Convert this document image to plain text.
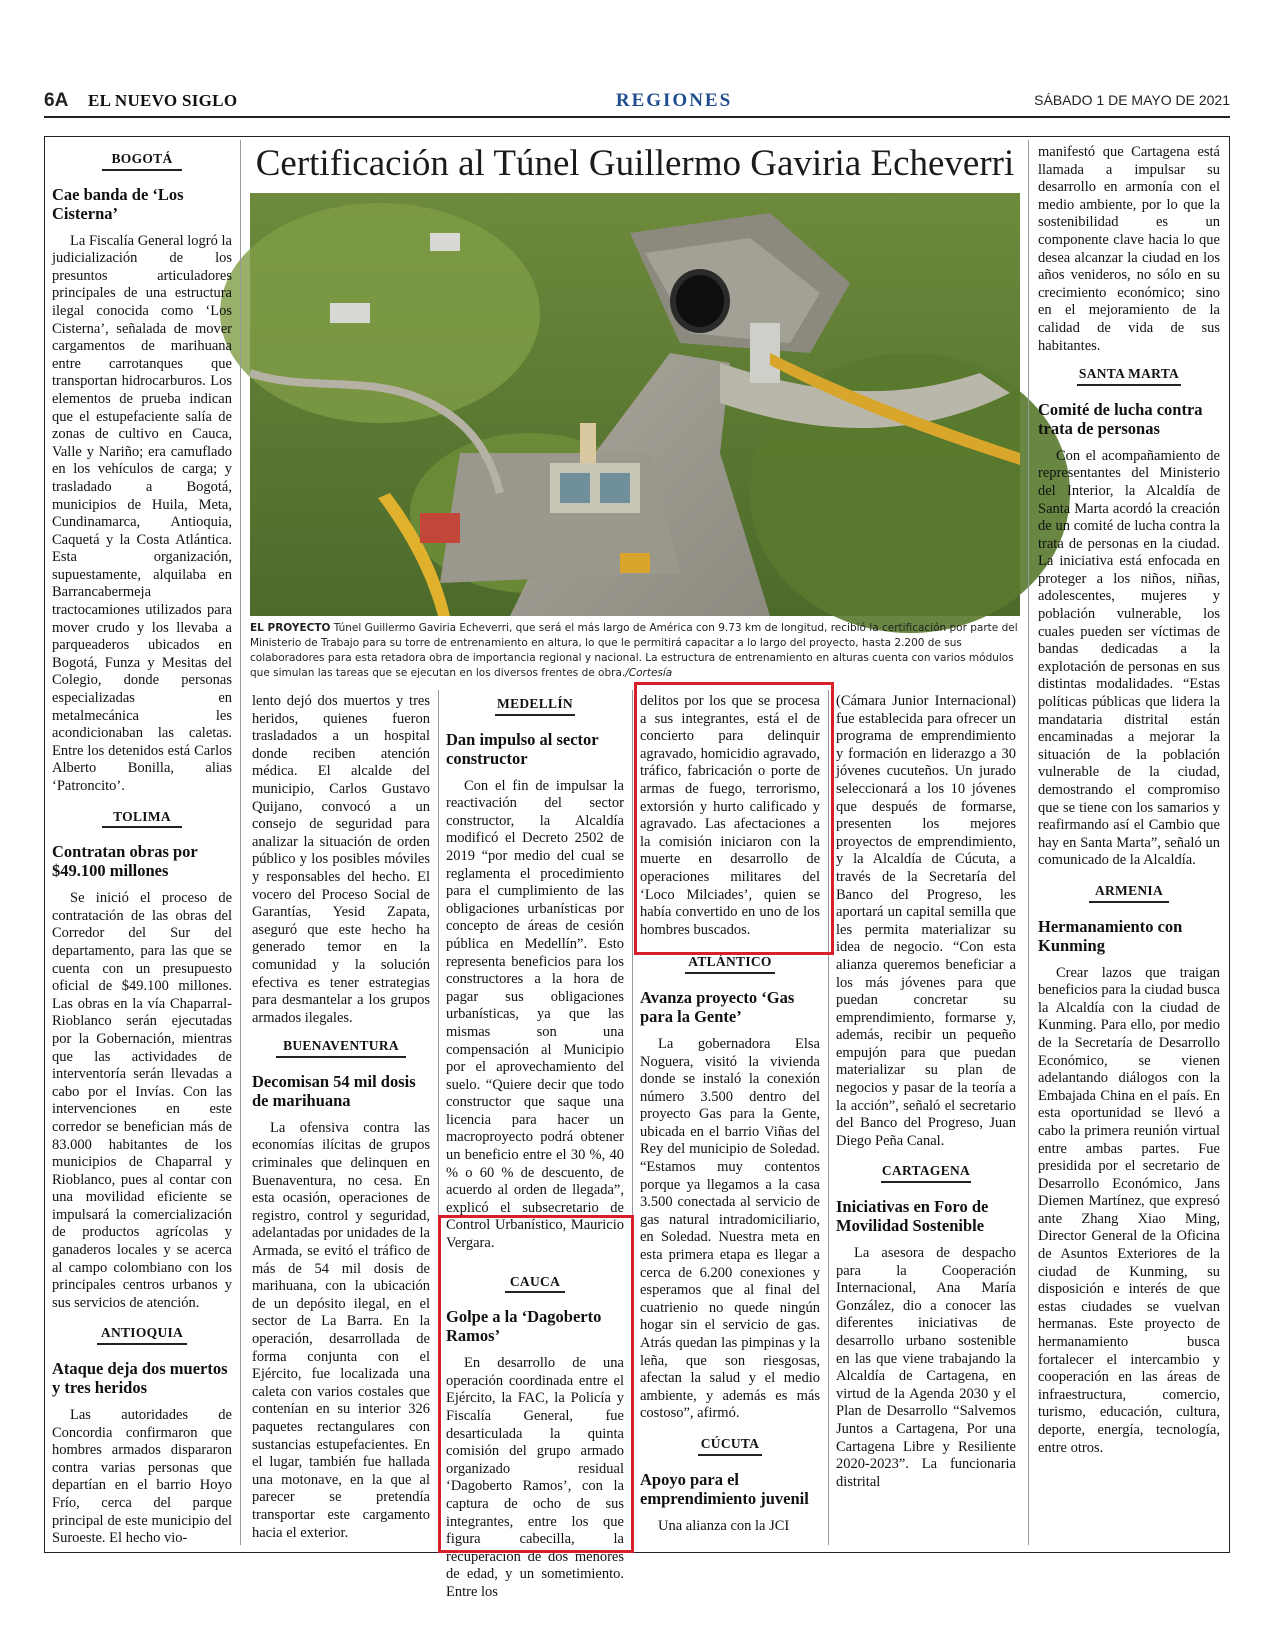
6A EL NUEVO SIGLO	REGIONES	SÁBADO 1 DE MAYO DE 2021
Certificación al Túnel Guillermo Gaviria Echeverri
EL PROYECTO Túnel Guillermo Gaviria Echeverri, que será el más largo de América con 9.73 km de longitud, recibió la certificación por parte del Ministerio de Trabajo para su torre de entrenamiento en altura, lo que le permitirá capacitar a lo largo del proyecto, hasta 2.200 de sus colaboradores para esta retadora obra de importancia regional y nacional. La estructura de entrenamiento en alturas cuenta con varios módulos que simulan las tareas que se ejecutan en los diversos frentes de obra./Cortesía
BOGOTÁ
Cae banda de ‘Los Cisterna’

La Fiscalía General logró la judicialización de los presuntos articuladores principales de una estructura ilegal conocida como ‘Los Cisterna’, señalada de mover cargamentos de marihuana entre carrotanques que transportan hidrocarburos. Los elementos de prueba indican que el estupefaciente salía de zonas de cultivo en Cauca, Valle y Nariño; era camuflado en los vehículos de carga; y trasladado a Bogotá, municipios de Huila, Meta, Cundinamarca, Antioquia, Caquetá y la Costa Atlántica. Esta organización, supuestamente, alquilaba en Barrancabermeja tractocamiones utilizados para mover crudo y los llevaba a parqueaderos ubicados en Bogotá, Funza y Mesitas del Colegio, donde personas especializadas en metalmecánica les acondicionaban las caletas. Entre los detenidos está Carlos Alberto Bonilla, alias ‘Patroncito’.

TOLIMA
Contratan obras por $49.100 millones

Se inició el proceso de contratación de las obras del Corredor del Sur del departamento, para las que se cuenta con un presupuesto oficial de $49.100 millones. Las obras en la vía Chaparral-Rioblanco serán ejecutadas por la Gobernación, mientras que las actividades de interventoría serán llevadas a cabo por el Invías. Con las intervenciones en este corredor se benefician más de 83.000 habitantes de los municipios de Chaparral y Rioblanco, pues al contar con una movilidad eficiente se impulsará la comercialización de productos agrícolas y ganaderos locales y se acerca al campo colombiano con los principales centros urbanos y sus servicios de atención.

ANTIOQUIA
Ataque deja dos muertos y tres heridos

Las autoridades de Concordia confirmaron que hombres armados dispararon contra varias personas que departían en el barrio Hoyo Frío, cerca del parque principal de este municipio del Suroeste. El hecho vio-

lento dejó dos muertos y tres heridos, quienes fueron trasladados a un hospital donde reciben atención médica. El alcalde del municipio, Carlos Gustavo Quijano, convocó a un consejo de seguridad para analizar la situación de orden público y los posibles móviles y responsables del hecho. El vocero del Proceso Social de Garantías, Yesid Zapata, aseguró que este hecho ha generado temor en la comunidad y la solución efectiva es tener estrategias para desmantelar a los grupos armados ilegales.

BUENAVENTURA
Decomisan 54 mil dosis de marihuana

La ofensiva contra las economías ilícitas de grupos criminales que delinquen en Buenaventura, no cesa. En esta ocasión, operaciones de registro, control y seguridad, adelantadas por unidades de la Armada, se evitó el tráfico de más de 54 mil dosis de marihuana, con la ubicación de un depósito ilegal, en el sector de La Barra. En la operación, desarrollada de forma conjunta con el Ejército, fue localizada una caleta con varios costales que contenían en su interior 326 paquetes rectangulares con sustancias estupefacientes. En el lugar, también fue hallada una motonave, en la que al parecer se pretendía transportar este cargamento hacia el exterior.

MEDELLÍN
Dan impulso al sector constructor

Con el fin de impulsar la reactivación del sector constructor, la Alcaldía modificó el Decreto 2502 de 2019 “por medio del cual se reglamenta el procedimiento para el cumplimiento de las obligaciones urbanísticas por concepto de áreas de cesión pública en Medellín”. Esto representa beneficios para los constructores a la hora de pagar sus obligaciones urbanísticas, ya que las mismas son una compensación al Municipio por el aprovechamiento del suelo. “Quiere decir que todo constructor que saque una licencia para hacer un macroproyecto podrá obtener un beneficio entre el 30 %, 40 % o 60 % de descuento, de acuerdo al orden de llegada”, explicó el subsecretario de Control Urbanístico, Mauricio Vergara.

CAUCA
Golpe a la ‘Dagoberto Ramos’

En desarrollo de una operación coordinada entre el Ejército, la FAC, la Policía y Fiscalía General, fue desarticulada la quinta comisión del grupo armado organizado residual ‘Dagoberto Ramos’, con la captura de ocho de sus integrantes, entre los que figura cabecilla, la recuperación de dos menores de edad, y un sometimiento. Entre los

delitos por los que se procesa a sus integrantes, está el de concierto para delinquir agravado, homicidio agravado, tráfico, fabricación o porte de armas de fuego, terrorismo, extorsión y hurto calificado y agravado. Las afectaciones a la comisión iniciaron con la muerte en desarrollo de operaciones militares del ‘Loco Milciades’, quien se había convertido en uno de los hombres buscados.

ATLÁNTICO
Avanza proyecto ‘Gas para la Gente’

La gobernadora Elsa Noguera, visitó la vivienda donde se instaló la conexión número 3.500 dentro del proyecto Gas para la Gente, ubicada en el barrio Viñas del Rey del municipio de Soledad. “Estamos muy contentos porque ya llegamos a la casa 3.500 conectada al servicio de gas natural intradomiciliario, en Soledad. Nuestra meta en esta primera etapa es llegar a cerca de 6.200 conexiones y esperamos que al final del cuatrienio no quede ningún hogar sin el servicio de gas. Atrás quedan las pimpinas y la leña, que son riesgosas, afectan la salud y el medio ambiente, y además es más costoso”, afirmó.

CÚCUTA
Apoyo para el emprendimiento juvenil

Una alianza con la JCI

(Cámara Junior Internacional) fue establecida para ofrecer un programa de emprendimiento y formación en liderazgo a 30 jóvenes cucuteños. Un jurado seleccionará a los 10 jóvenes que después de formarse, presenten los mejores proyectos de emprendimiento, y la Alcaldía de Cúcuta, a través de la Secretaría del Banco del Progreso, les aportará un capital semilla que les permita materializar su idea de negocio. “Con esta alianza queremos beneficiar a los más jóvenes para que puedan concretar su emprendimiento, formarse y, además, recibir un pequeño empujón para que puedan materializar su plan de negocios y pasar de la teoría a la acción”, señaló el secretario del Banco del Progreso, Juan Diego Peña Canal.

CARTAGENA
Iniciativas en Foro de Movilidad Sostenible

La asesora de despacho para la Cooperación Internacional, Ana María González, dio a conocer las diferentes iniciativas de desarrollo urbano sostenible en las que viene trabajando la Alcaldía de Cartagena, en virtud de la Agenda 2030 y el Plan de Desarrollo “Salvemos Juntos a Cartagena, Por una Cartagena Libre y Resiliente 2020-2023”. La funcionaria distrital

manifestó que Cartagena está llamada a impulsar su desarrollo en armonía con el medio ambiente, por lo que la sostenibilidad es un componente clave hacia lo que desea alcanzar la ciudad en los años venideros, no sólo en su crecimiento económico; sino en el mejoramiento de la calidad de vida de sus habitantes.

SANTA MARTA
Comité de lucha contra trata de personas

Con el acompañamiento de representantes del Ministerio del Interior, la Alcaldía de Santa Marta acordó la creación de un comité de lucha contra la trata de personas en la ciudad. La iniciativa está enfocada en proteger a los niños, niñas, adolescentes, mujeres y población vulnerable, los cuales pueden ser víctimas de bandas dedicadas a la explotación de personas en sus distintas modalidades. “Estas políticas públicas que lidera la mandataria distrital están encaminadas a mejorar la situación de la población vulnerable de la ciudad, demostrando el compromiso que se tiene con los samarios y reafirmando así el Cambio que hay en Santa Marta”, señaló un comunicado de la Alcaldía.

ARMENIA
Hermanamiento con Kunming

Crear lazos que traigan beneficios para la ciudad busca la Alcaldía con la ciudad de Kunming. Para ello, por medio de la Secretaría de Desarrollo Económico, se vienen adelantando diálogos con la Embajada China en el país. En esta oportunidad se llevó a cabo la primera reunión virtual entre ambas partes. Fue presidida por el secretario de Desarrollo Económico, Jans Diemen Martínez, que expresó ante Zhang Xiao Ming, Director General de la Oficina de Asuntos Exteriores de la ciudad de Kunming, su disposición e interés de que estas ciudades se vuelvan hermanas. Este proyecto de hermanamiento busca fortalecer el intercambio y cooperación en las áreas de infraestructura, comercio, turismo, educación, cultura, deporte, energía, tecnología, entre otros.
